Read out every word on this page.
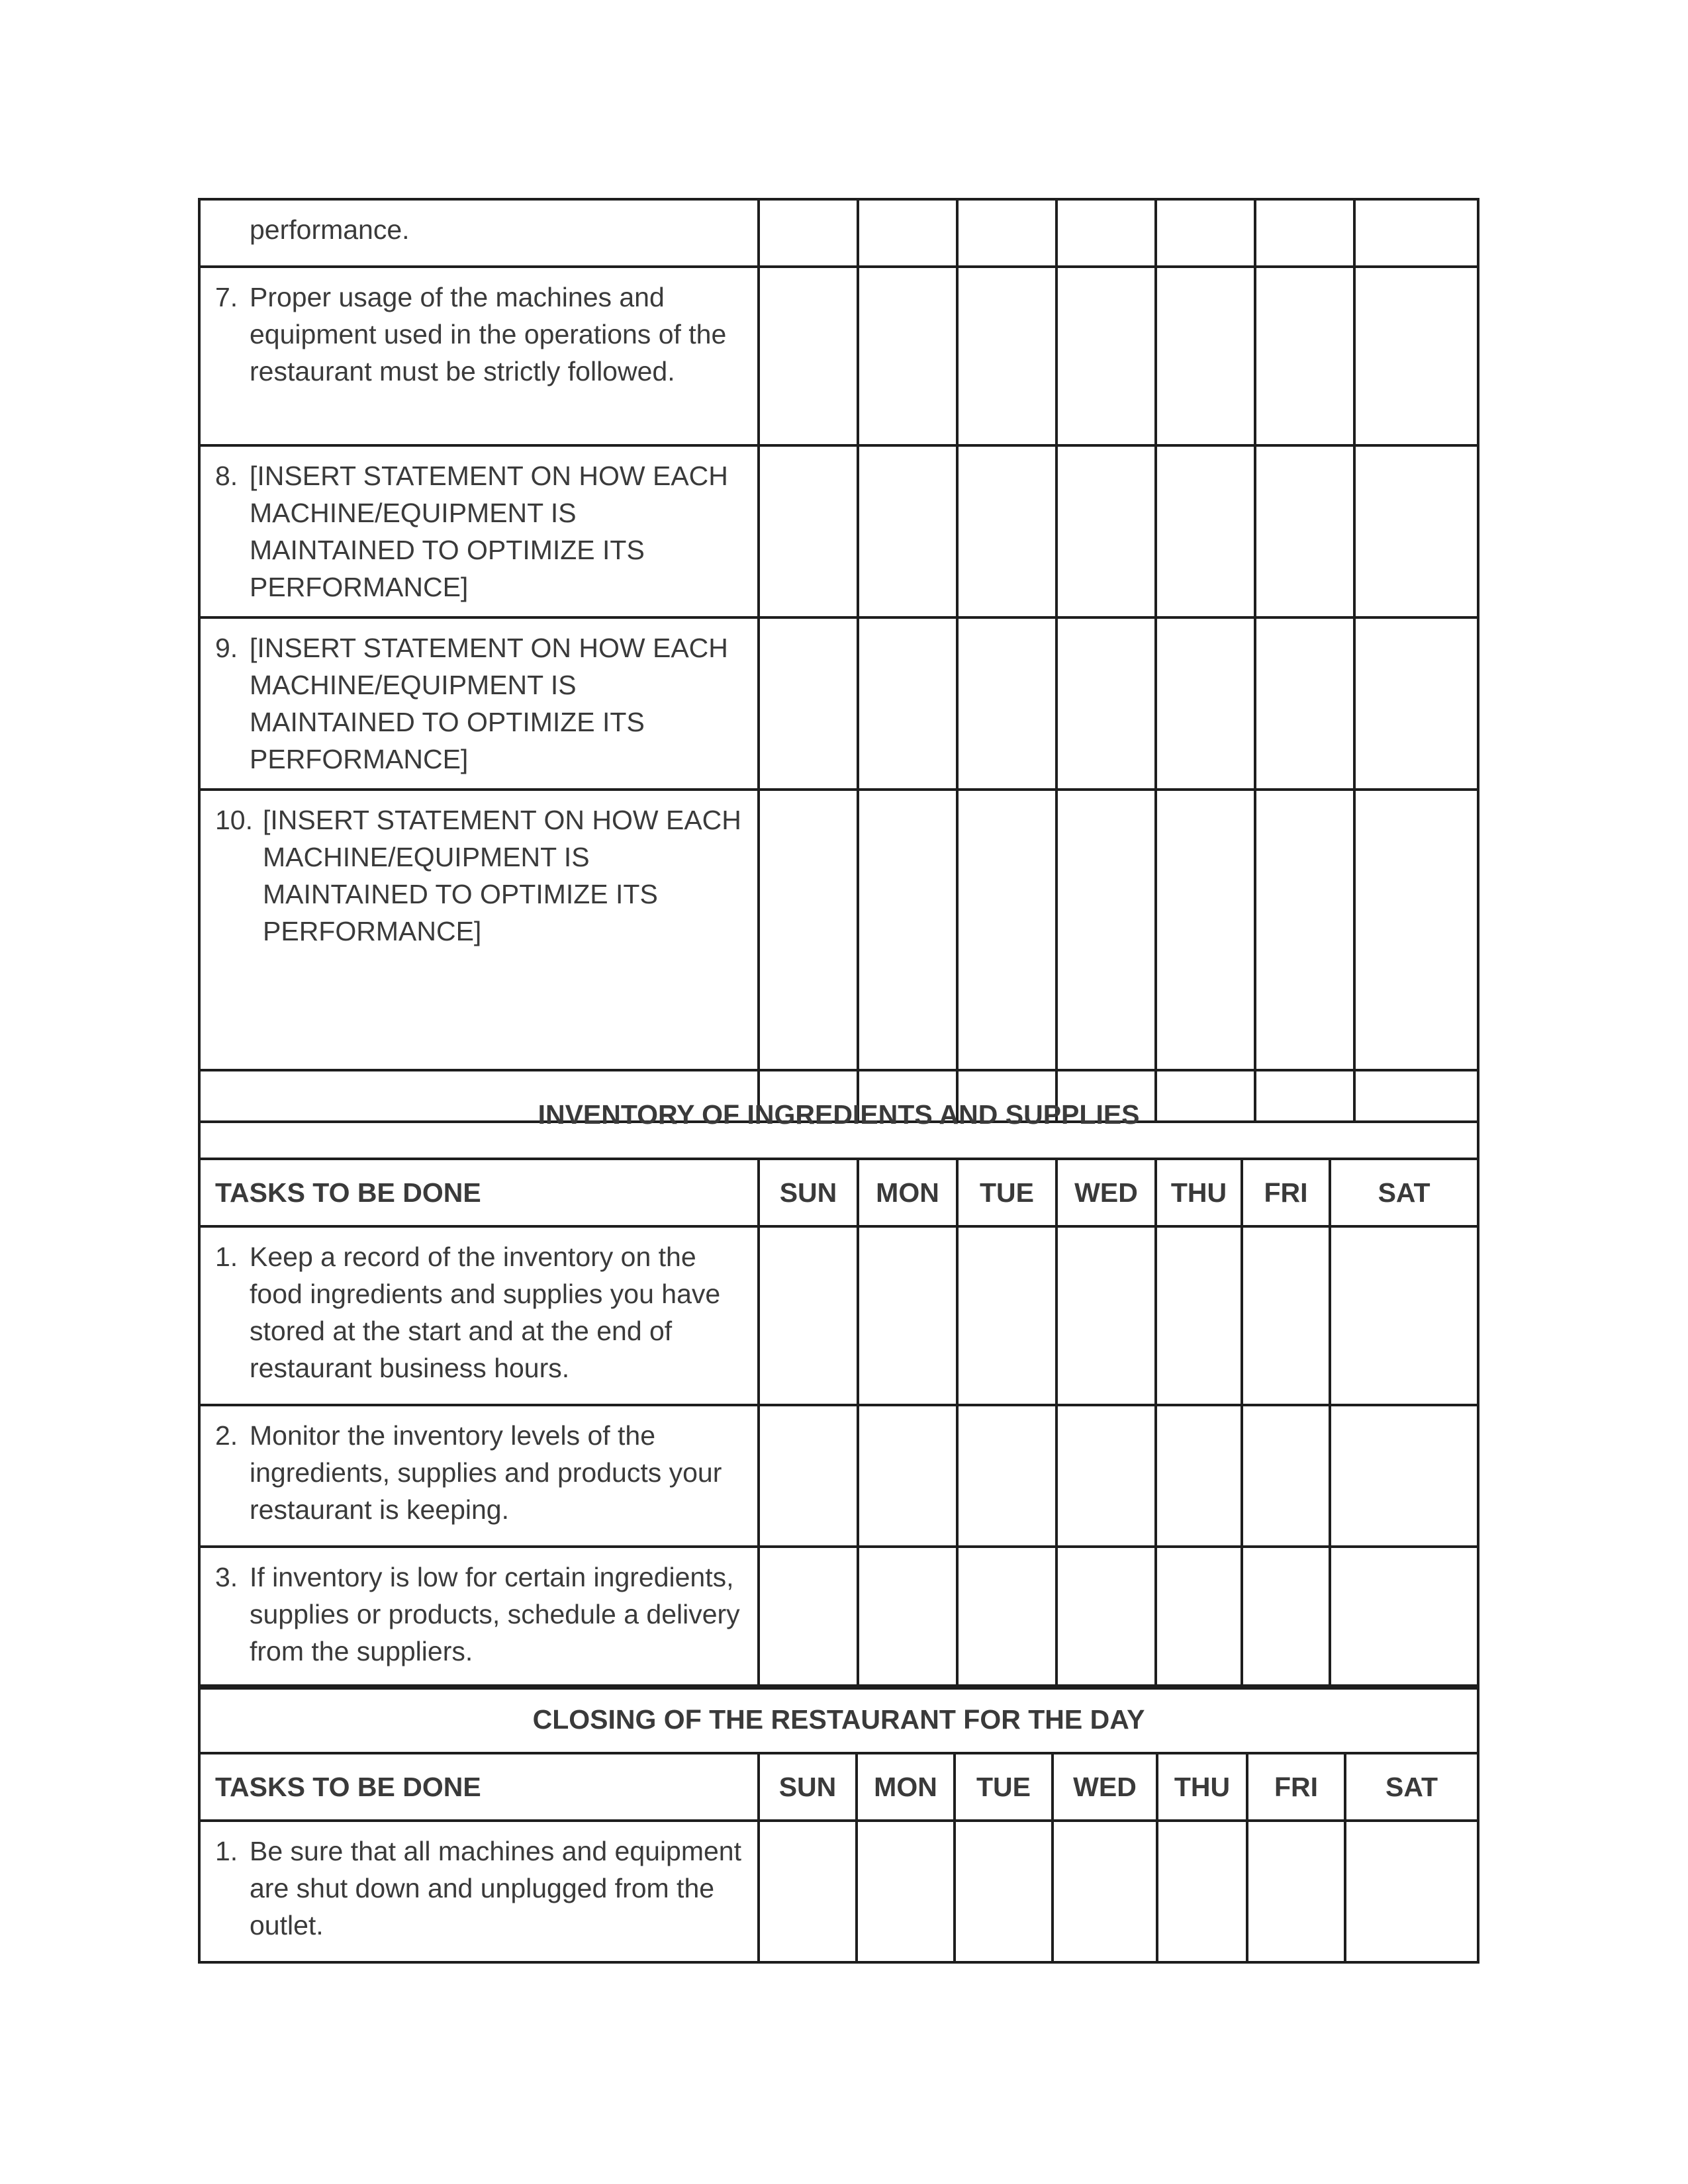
performance.							

7. Proper usage of the machines and equipment used in the operations of the restaurant must be strictly followed.							

8. [INSERT STATEMENT ON HOW EACH MACHINE/EQUIPMENT IS MAINTAINED TO OPTIMIZE ITS PERFORMANCE]							

9. [INSERT STATEMENT ON HOW EACH MACHINE/EQUIPMENT IS MAINTAINED TO OPTIMIZE ITS PERFORMANCE]							

10. [INSERT STATEMENT ON HOW EACH MACHINE/EQUIPMENT IS MAINTAINED TO OPTIMIZE ITS PERFORMANCE]							

INVENTORY OF INGREDIENTS AND SUPPLIES							
TASKS TO BE DONE	SUN	MON	TUE	WED	THU	FRI	SAT

1. Keep a record of the inventory on the food ingredients and supplies you have stored at the start and at the end of restaurant business hours.							

2. Monitor the inventory levels of the ingredients, supplies and products your restaurant is keeping.							

3. If inventory is low for certain ingredients, supplies or products, schedule a delivery from the suppliers.							

CLOSING OF THE RESTAURANT FOR THE DAY							
TASKS TO BE DONE	SUN	MON	TUE	WED	THU	FRI	SAT

1. Be sure that all machines and equipment are shut down and unplugged from the outlet.							
